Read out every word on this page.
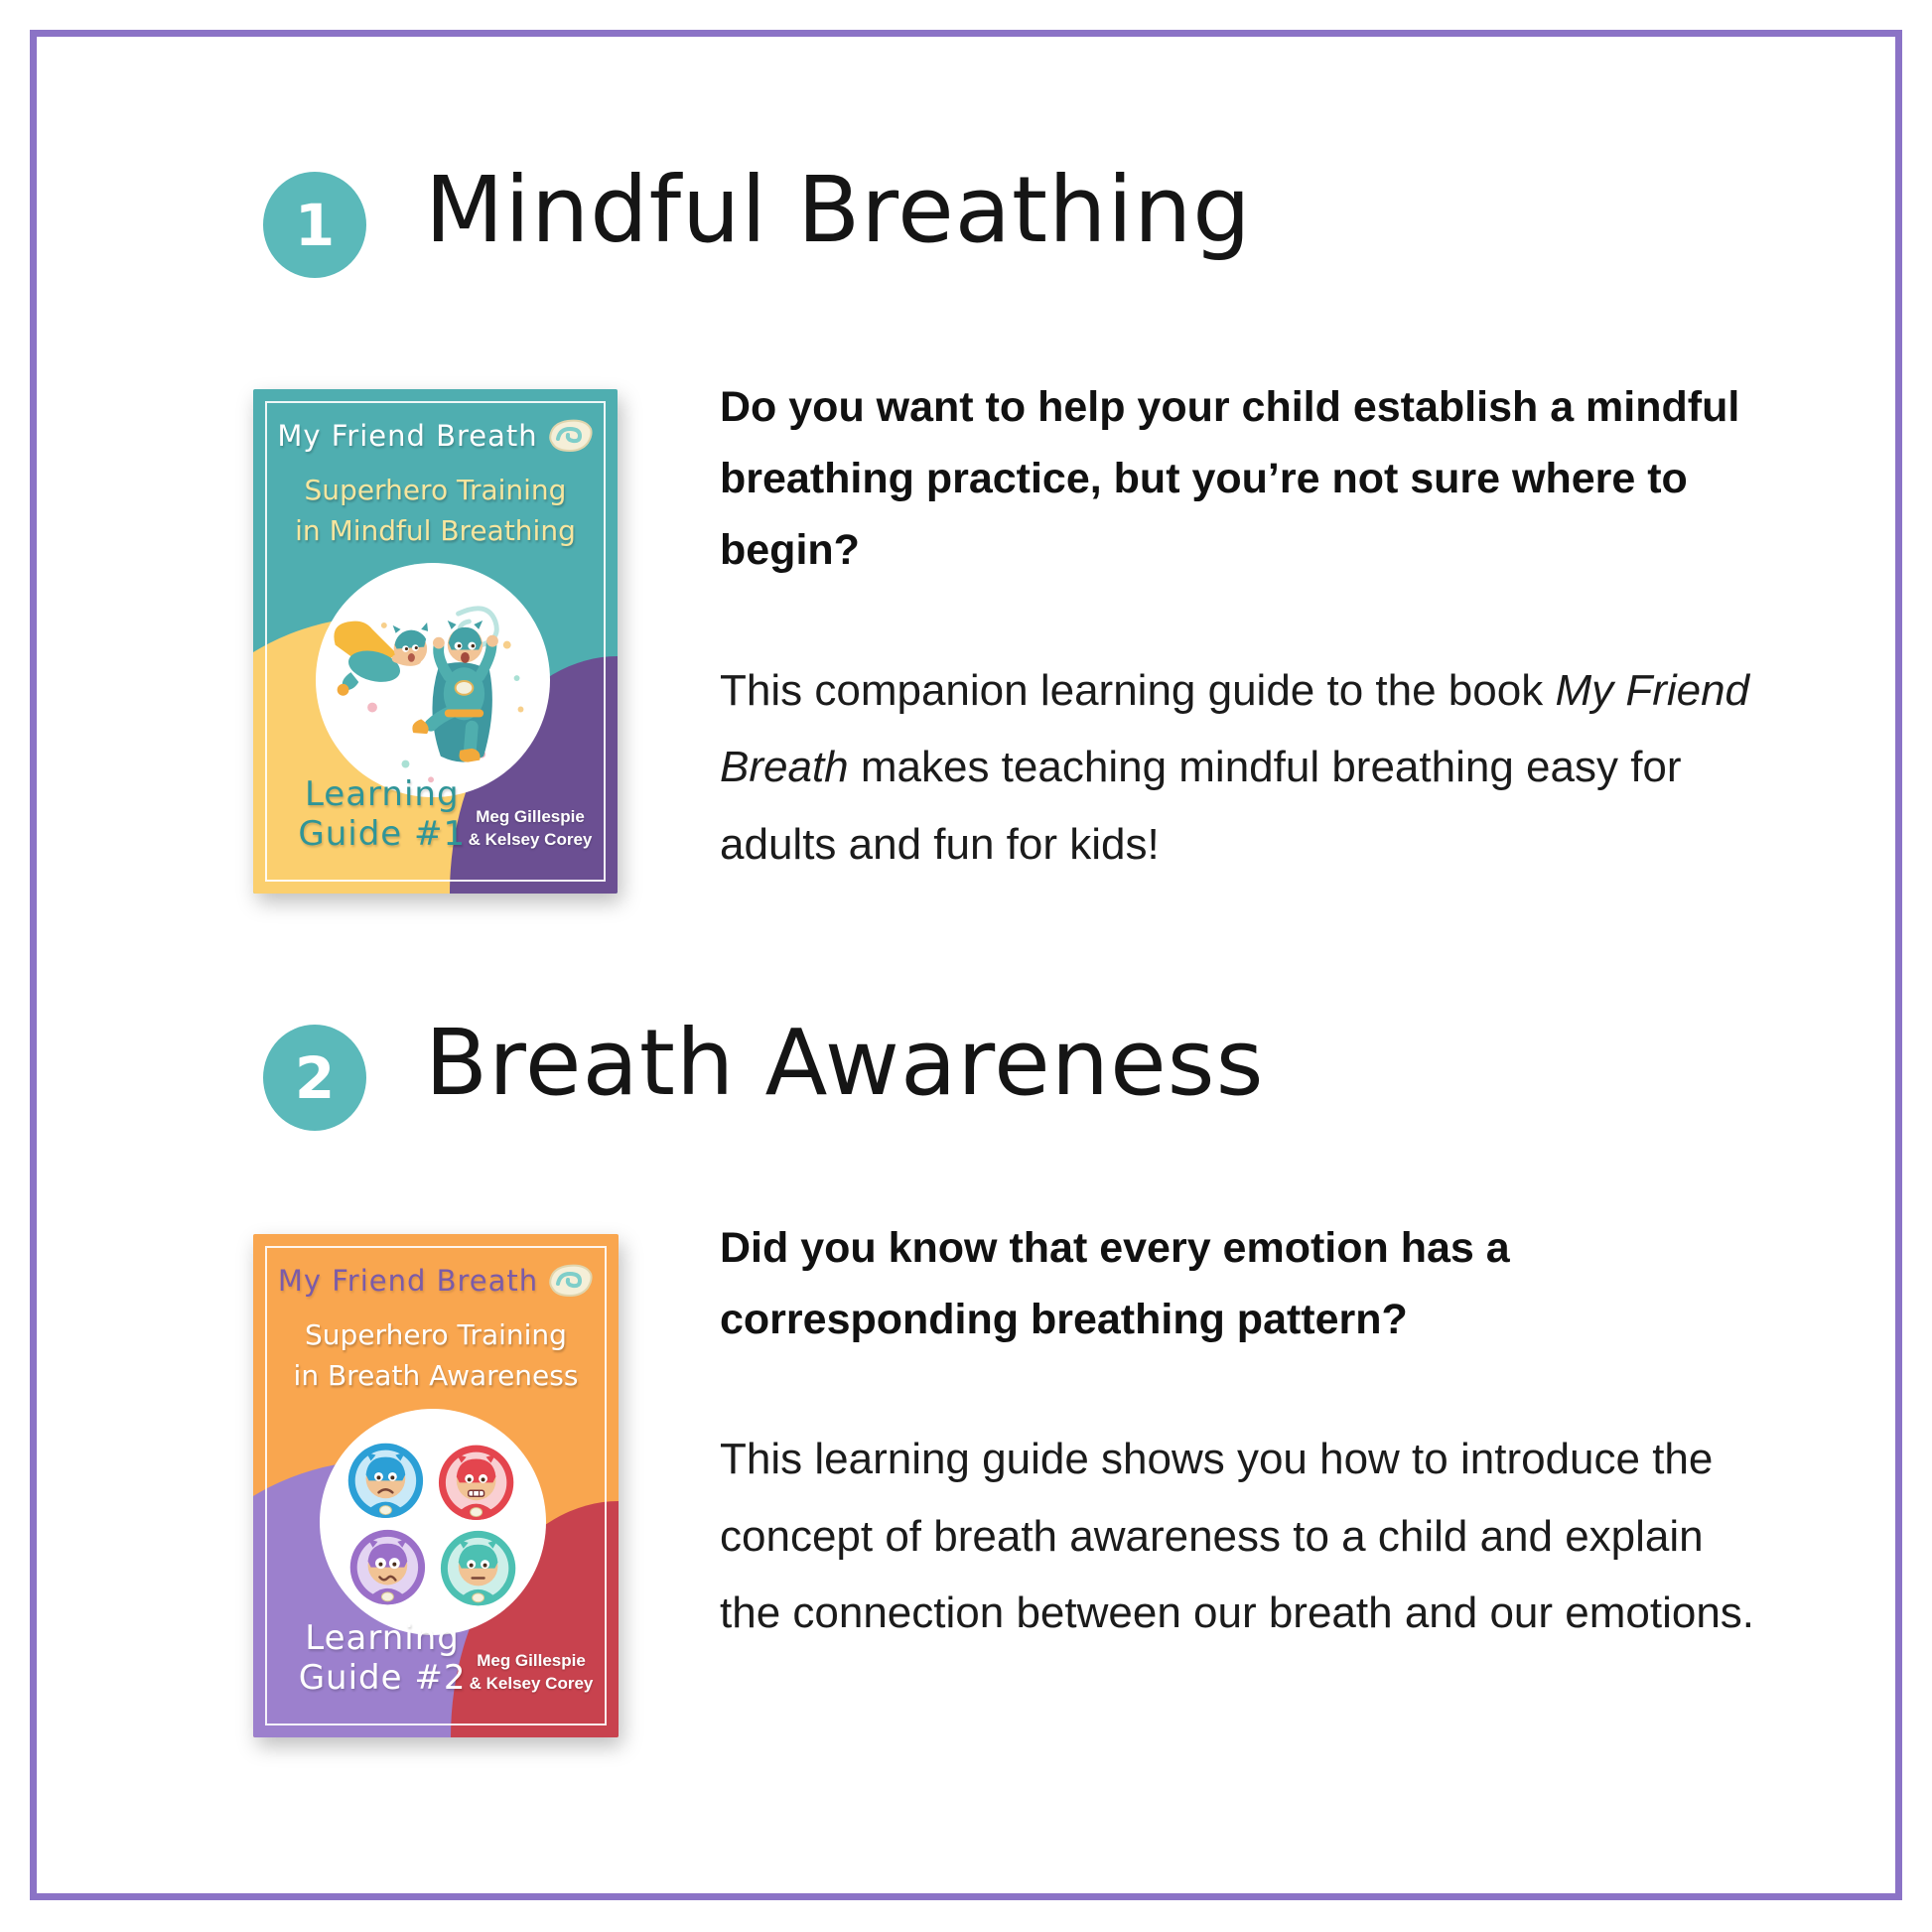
1 Mindful Breathing
My Friend Breath
Superhero Training
in Mindful Breathing
Learning Guide #1 Meg Gillespie
& Kelsey Corey

Do you want to help your child establish a mindful breathing practice, but you’re not sure where to begin?

This companion learning guide to the book My Friend Breath makes teaching mindful breathing easy for adults and fun for kids!

2 Breath Awareness
My Friend Breath
Superhero Training
in Breath Awareness
Learning Guide #2 Meg Gillespie
& Kelsey Corey

Did you know that every emotion has a corresponding breathing pattern?

This learning guide shows you how to introduce the concept of breath awareness to a child and explain the connection between our breath and our emotions.
